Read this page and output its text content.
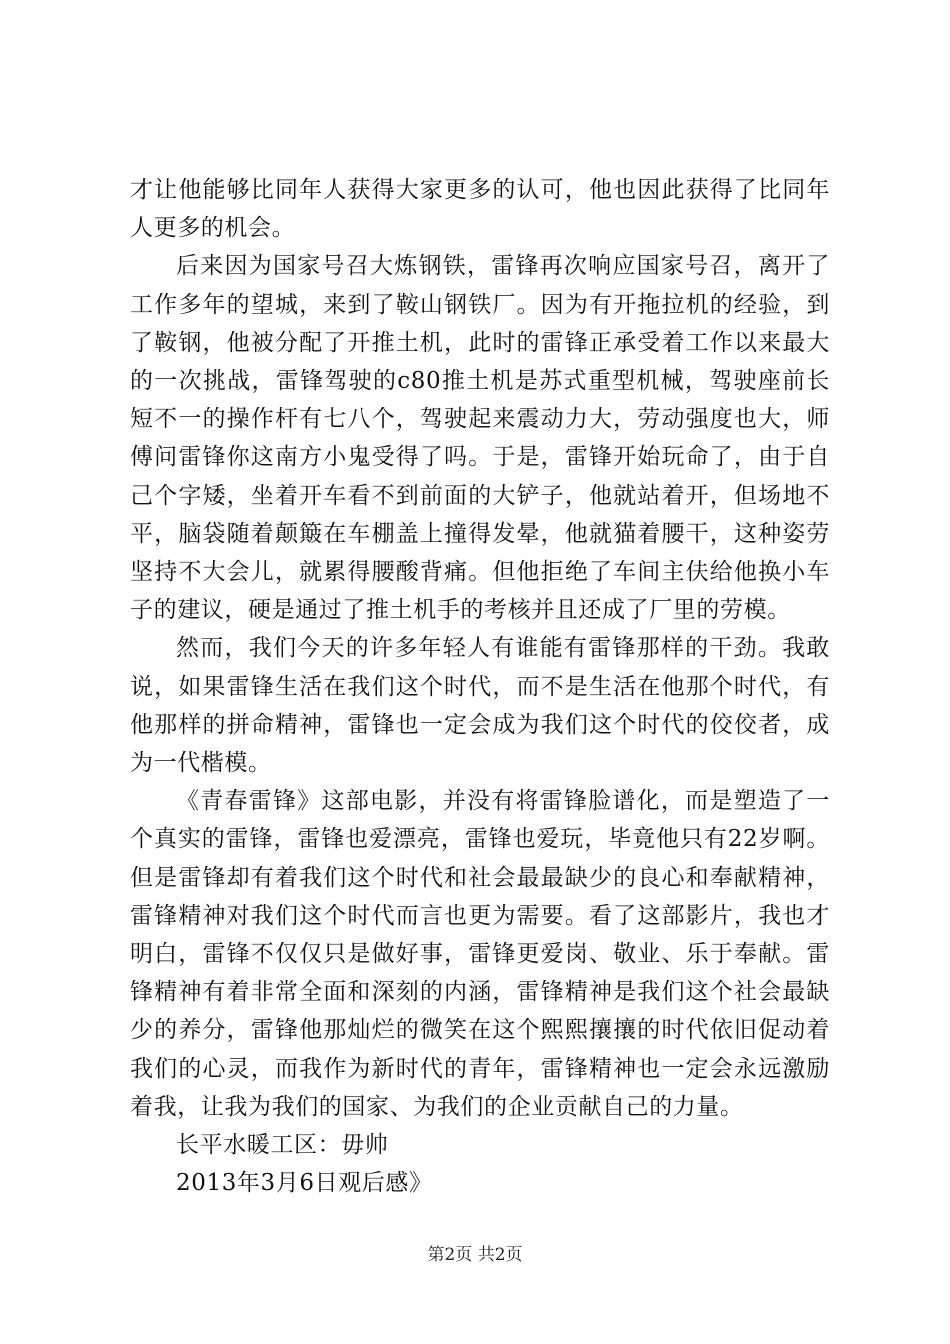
才让他能够比同年人获得大家更多的认可，他也因此获得了比同年人更多的机会。

后来因为国家号召大炼钢铁，雷锋再次响应国家号召，离开了工作多年的望城，来到了鞍山钢铁厂。因为有开拖拉机的经验，到了鞍钢，他被分配了开推土机，此时的雷锋正承受着工作以来最大的一次挑战，雷锋驾驶的c80推土机是苏式重型机械，驾驶座前长短不一的操作杆有七八个，驾驶起来震动力大，劳动强度也大，师傅问雷锋你这南方小鬼受得了吗。于是，雷锋开始玩命了，由于自己个字矮，坐着开车看不到前面的大铲子，他就站着开，但场地不平，脑袋随着颠簸在车棚盖上撞得发晕，他就猫着腰干，这种姿劳坚持不大会儿，就累得腰酸背痛。但他拒绝了车间主伕给他换小车子的建议，硬是通过了推土机手的考核并且还成了厂里的劳模。

然而，我们今天的许多年轻人有谁能有雷锋那样的干劲。我敢说，如果雷锋生活在我们这个时代，而不是生活在他那个时代，有他那样的拼命精神，雷锋也一定会成为我们这个时代的佼佼者，成为一代楷模。

《青春雷锋》这部电影，并没有将雷锋脸谱化，而是塑造了一个真实的雷锋，雷锋也爱漂亮，雷锋也爱玩，毕竟他只有22岁啊。但是雷锋却有着我们这个时代和社会最最缺少的良心和奉献精神，雷锋精神对我们这个时代而言也更为需要。看了这部影片，我也才明白，雷锋不仅仅只是做好事，雷锋更爱岗、敬业、乐于奉献。雷锋精神有着非常全面和深刻的内涵，雷锋精神是我们这个社会最缺少的养分，雷锋他那灿烂的微笑在这个熙熙攘攘的时代依旧促动着我们的心灵，而我作为新时代的青年，雷锋精神也一定会永远激励着我，让我为我们的国家、为我们的企业贡献自己的力量。

长平水暖工区：毋帅

2013年3月6日观后感》

第2页 共2页
